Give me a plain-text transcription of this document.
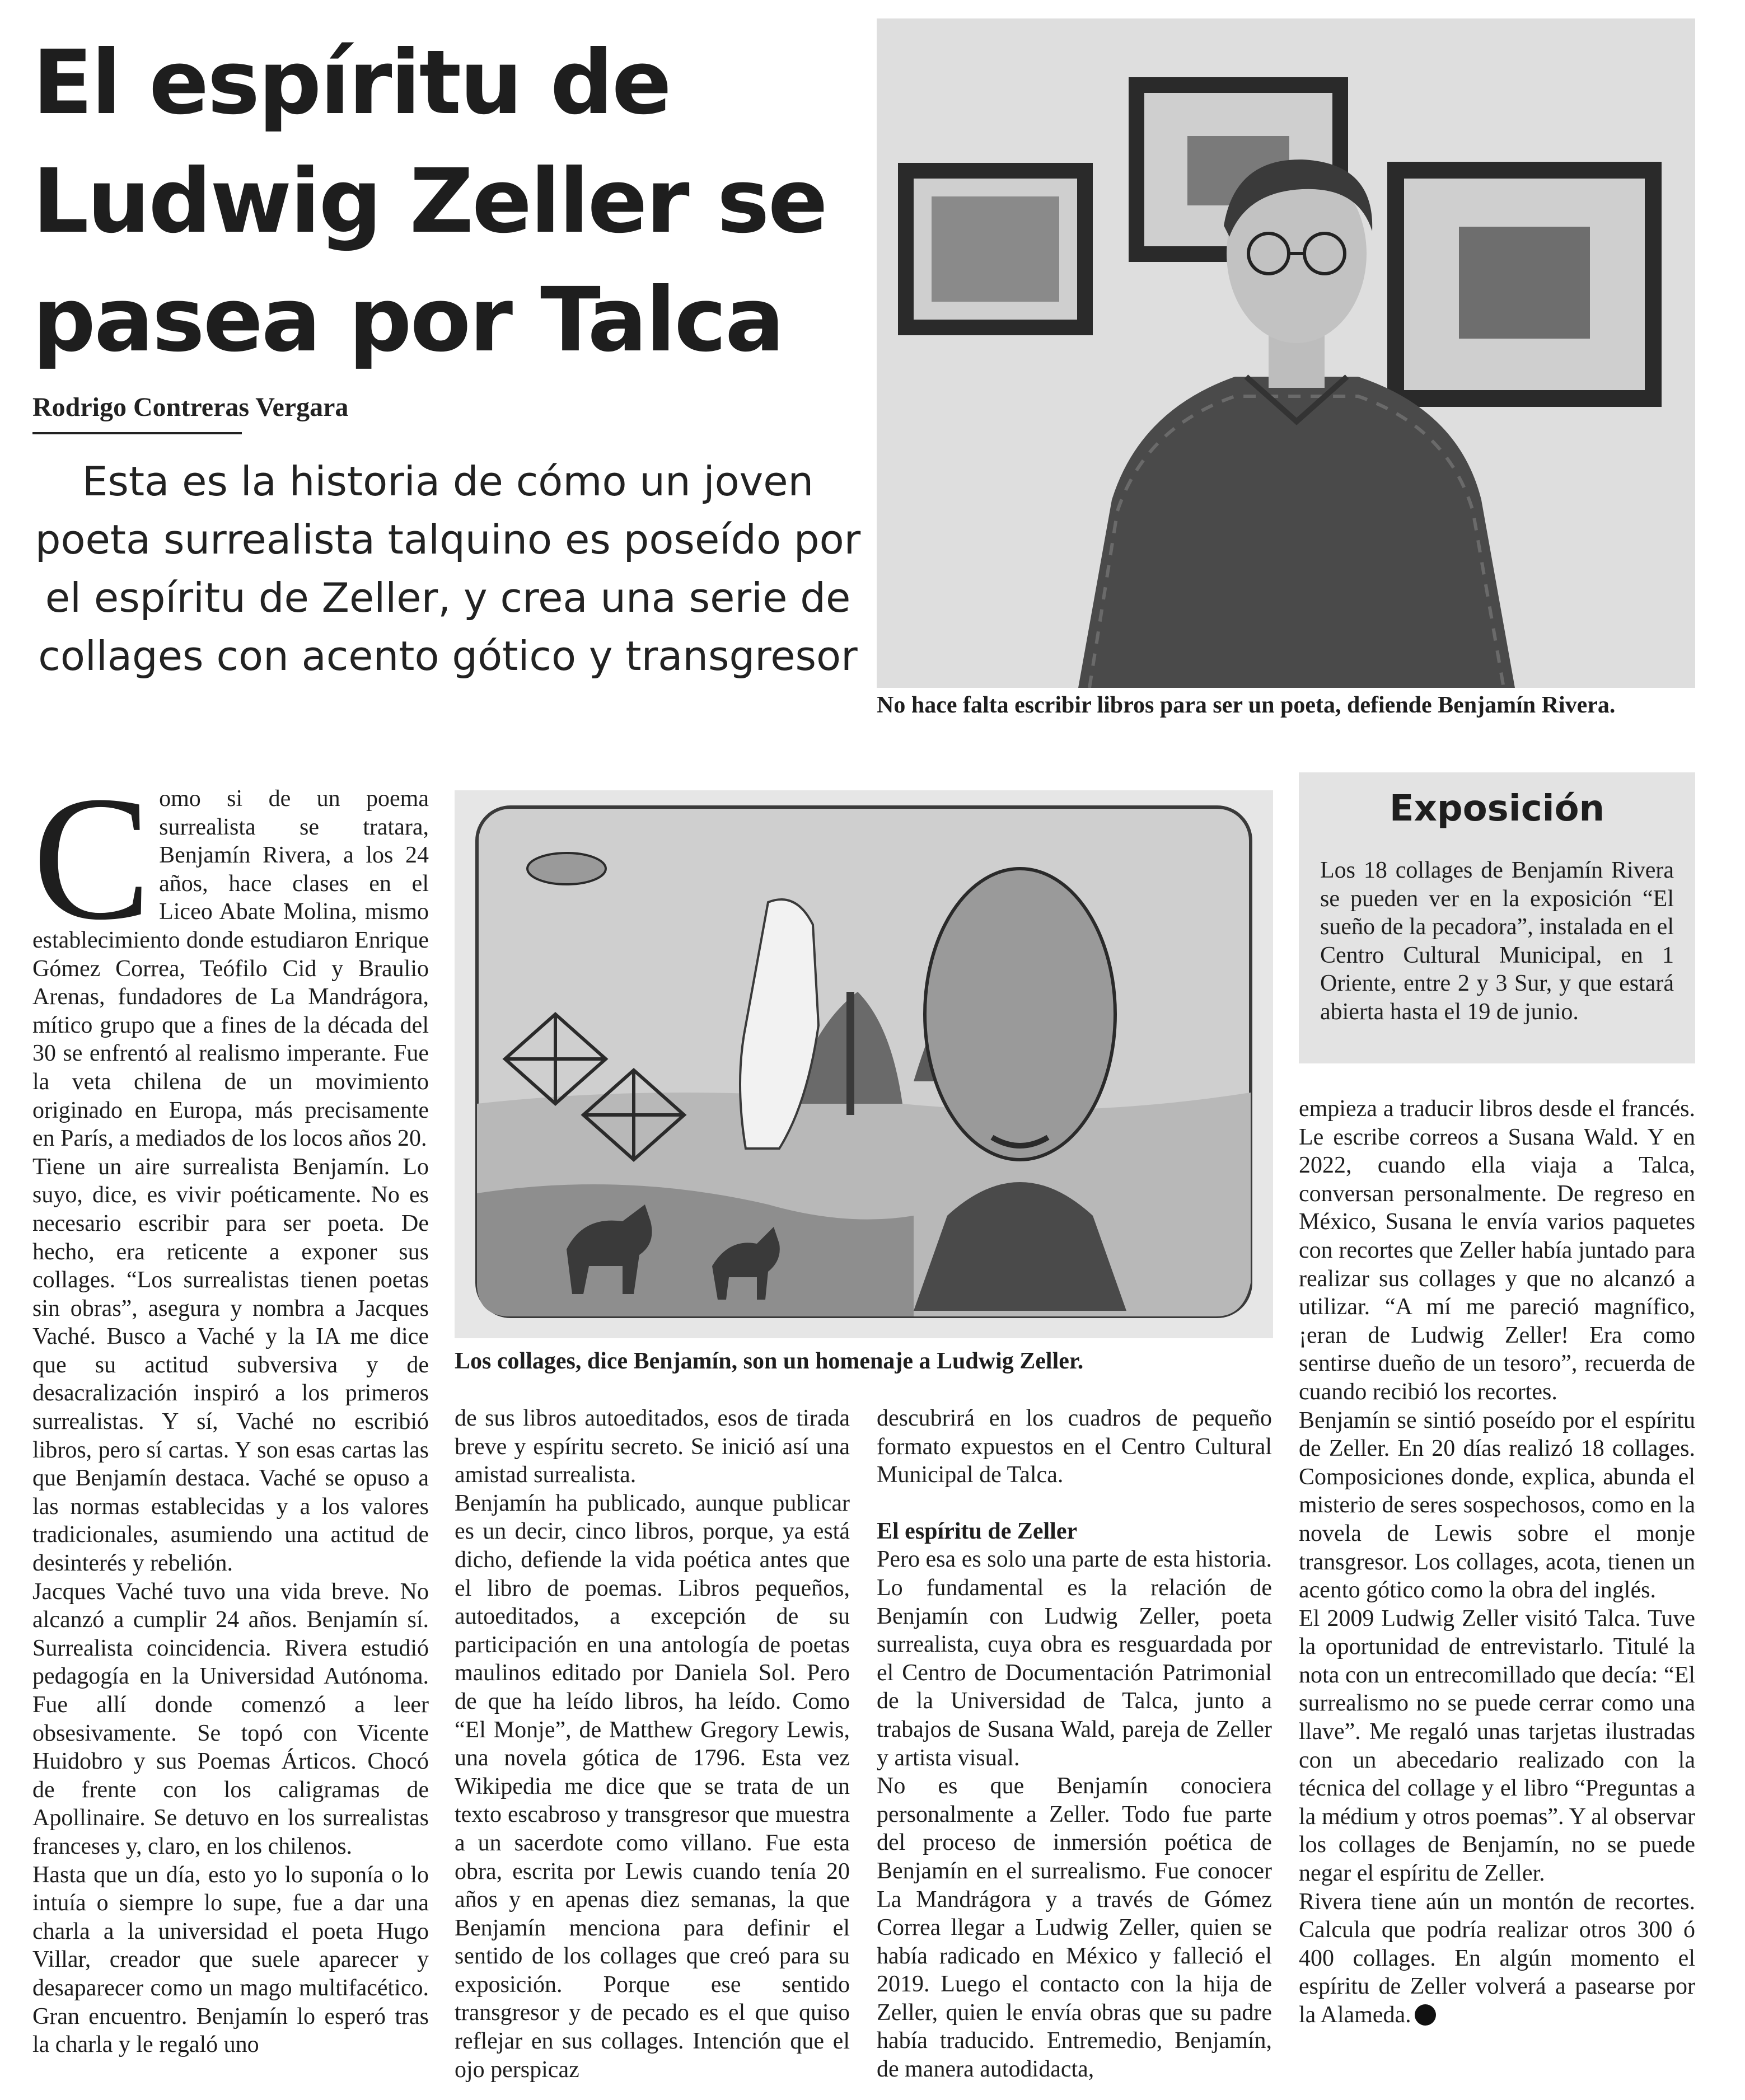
El espíritu de Ludwig Zeller se pasea por Talca
Rodrigo Contreras Vergara

Esta es la historia de cómo un joven poeta surrealista talquino es poseído por el espíritu de Zeller, y crea una serie de collages con acento gótico y transgresor

No hace falta escribir libros para ser un poeta, defiende Benjamín Rivera.
Los collages, dice Benjamín, son un homenaje a Ludwig Zeller.
Exposición
Los 18 collages de Benjamín Rivera se pueden ver en la exposición “El sueño de la pecadora”, instalada en el Centro Cultural Municipal, en 1 Oriente, entre 2 y 3 Sur, y que estará abierta hasta el 19 de junio.
C omo si de un poema surrealista se tratara, Benjamín Rivera, a los 24 años, hace clases en el Liceo Abate Molina, mismo establecimiento donde estudiaron Enrique Gómez Correa, Teófilo Cid y Braulio Arenas, fundadores de La Mandrágora, mítico grupo que a fines de la década del 30 se enfrentó al realismo imperante. Fue la veta chilena de un movimiento originado en Europa, más precisamente en París, a mediados de los locos años 20.

Tiene un aire surrealista Benjamín. Lo suyo, dice, es vivir poéticamente. No es necesario escribir para ser poeta. De hecho, era reticente a exponer sus collages. “Los surrealistas tienen poetas sin obras”, asegura y nombra a Jacques Vaché. Busco a Vaché y la IA me dice que su actitud subversiva y de desacralización inspiró a los primeros surrealistas. Y sí, Vaché no escribió libros, pero sí cartas. Y son esas cartas las que Benjamín destaca. Vaché se opuso a las normas establecidas y a los valores tradicionales, asumiendo una actitud de desinterés y rebelión.

Jacques Vaché tuvo una vida breve. No alcanzó a cumplir 24 años. Benjamín sí. Surrealista coincidencia. Rivera estudió pedagogía en la Universidad Autónoma. Fue allí donde comenzó a leer obsesivamente. Se topó con Vicente Huidobro y sus Poemas Árticos. Chocó de frente con los caligramas de Apollinaire. Se detuvo en los surrealistas franceses y, claro, en los chilenos.

Hasta que un día, esto yo lo suponía o lo intuía o siempre lo supe, fue a dar una charla a la universidad el poeta Hugo Villar, creador que suele aparecer y desaparecer como un mago multifacético. Gran encuentro. Benjamín lo esperó tras la charla y le regaló uno

de sus libros autoeditados, esos de tirada breve y espíritu secreto. Se inició así una amistad surrealista.

Benjamín ha publicado, aunque publicar es un decir, cinco libros, porque, ya está dicho, defiende la vida poética antes que el libro de poemas. Libros pequeños, autoeditados, a excepción de su participación en una antología de poetas maulinos editado por Daniela Sol. Pero de que ha leído libros, ha leído. Como “El Monje”, de Matthew Gregory Lewis, una novela gótica de 1796. Esta vez Wikipedia me dice que se trata de un texto escabroso y transgresor que muestra a un sacerdote como villano. Fue esta obra, escrita por Lewis cuando tenía 20 años y en apenas diez semanas, la que Benjamín menciona para definir el sentido de los collages que creó para su exposición. Porque ese sentido transgresor y de pecado es el que quiso reflejar en sus collages. Intención que el ojo perspicaz

descubrirá en los cuadros de pequeño formato expuestos en el Centro Cultural Municipal de Talca.

El espíritu de Zeller

Pero esa es solo una parte de esta historia. Lo fundamental es la relación de Benjamín con Ludwig Zeller, poeta surrealista, cuya obra es resguardada por el Centro de Documentación Patrimonial de la Universidad de Talca, junto a trabajos de Susana Wald, pareja de Zeller y artista visual.

No es que Benjamín conociera personalmente a Zeller. Todo fue parte del proceso de inmersión poética de Benjamín en el surrealismo. Fue conocer La Mandrágora y a través de Gómez Correa llegar a Ludwig Zeller, quien se había radicado en México y falleció el 2019. Luego el contacto con la hija de Zeller, quien le envía obras que su padre había traducido. Entremedio, Benjamín, de manera autodidacta,

empieza a traducir libros desde el francés. Le escribe correos a Susana Wald. Y en 2022, cuando ella viaja a Talca, conversan personalmente. De regreso en México, Susana le envía varios paquetes con recortes que Zeller había juntado para realizar sus collages y que no alcanzó a utilizar. “A mí me pareció magnífico, ¡eran de Ludwig Zeller! Era como sentirse dueño de un tesoro”, recuerda de cuando recibió los recortes.

Benjamín se sintió poseído por el espíritu de Zeller. En 20 días realizó 18 collages. Composiciones donde, explica, abunda el misterio de seres sospechosos, como en la novela de Lewis sobre el monje transgresor. Los collages, acota, tienen un acento gótico como la obra del inglés.

El 2009 Ludwig Zeller visitó Talca. Tuve la oportunidad de entrevistarlo. Titulé la nota con un entrecomillado que decía: “El surrealismo no se puede cerrar como una llave”. Me regaló unas tarjetas ilustradas con un abecedario realizado con la técnica del collage y el libro “Preguntas a la médium y otros poemas”. Y al observar los collages de Benjamín, no se puede negar el espíritu de Zeller.

Rivera tiene aún un montón de recortes. Calcula que podría realizar otros 300 ó 400 collages. En algún momento el espíritu de Zeller volverá a pasearse por la Alameda.
